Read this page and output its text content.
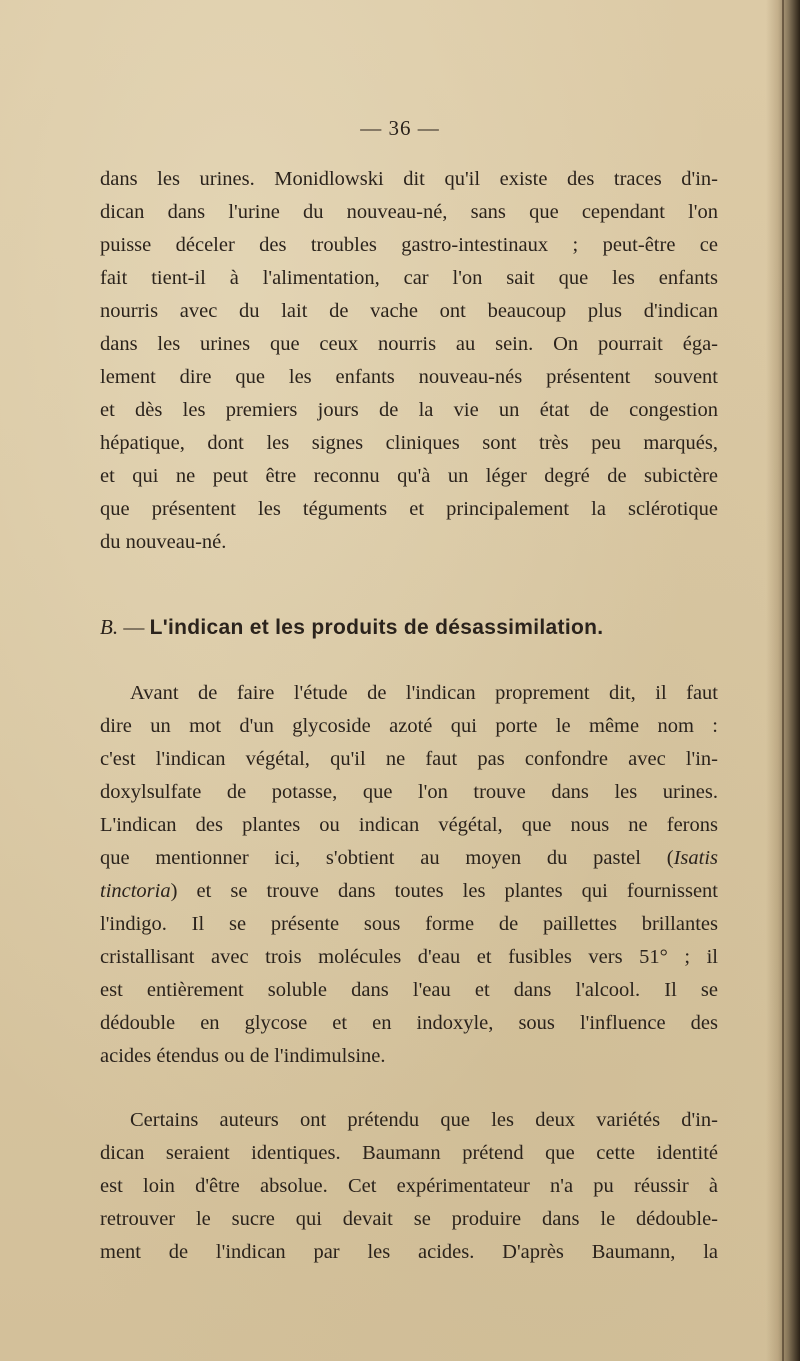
— 36 —
dans les urines. Monidlowski dit qu'il existe des traces d'in-
dican dans l'urine du nouveau-né, sans que cependant l'on
puisse déceler des troubles gastro-intestinaux ; peut-être ce
fait tient-il à l'alimentation, car l'on sait que les enfants
nourris avec du lait de vache ont beaucoup plus d'indican
dans les urines que ceux nourris au sein. On pourrait éga-
lement dire que les enfants nouveau-nés présentent souvent
et dès les premiers jours de la vie un état de congestion
hépatique, dont les signes cliniques sont très peu marqués,
et qui ne peut être reconnu qu'à un léger degré de subictère
que présentent les téguments et principalement la sclérotique
du nouveau-né.
B. — L'indican et les produits de désassimilation.
Avant de faire l'étude de l'indican proprement dit, il faut
dire un mot d'un glycoside azoté qui porte le même nom :
c'est l'indican végétal, qu'il ne faut pas confondre avec l'in-
doxylsulfate de potasse, que l'on trouve dans les urines.
L'indican des plantes ou indican végétal, que nous ne ferons
que mentionner ici, s'obtient au moyen du pastel (Isatis
tinctoria) et se trouve dans toutes les plantes qui fournissent
l'indigo. Il se présente sous forme de paillettes brillantes
cristallisant avec trois molécules d'eau et fusibles vers 51° ; il
est entièrement soluble dans l'eau et dans l'alcool. Il se
dédouble en glycose et en indoxyle, sous l'influence des
acides étendus ou de l'indimulsine.
Certains auteurs ont prétendu que les deux variétés d'in-
dican seraient identiques. Baumann prétend que cette identité
est loin d'être absolue. Cet expérimentateur n'a pu réussir à
retrouver le sucre qui devait se produire dans le dédouble-
ment de l'indican par les acides. D'après Baumann, la
